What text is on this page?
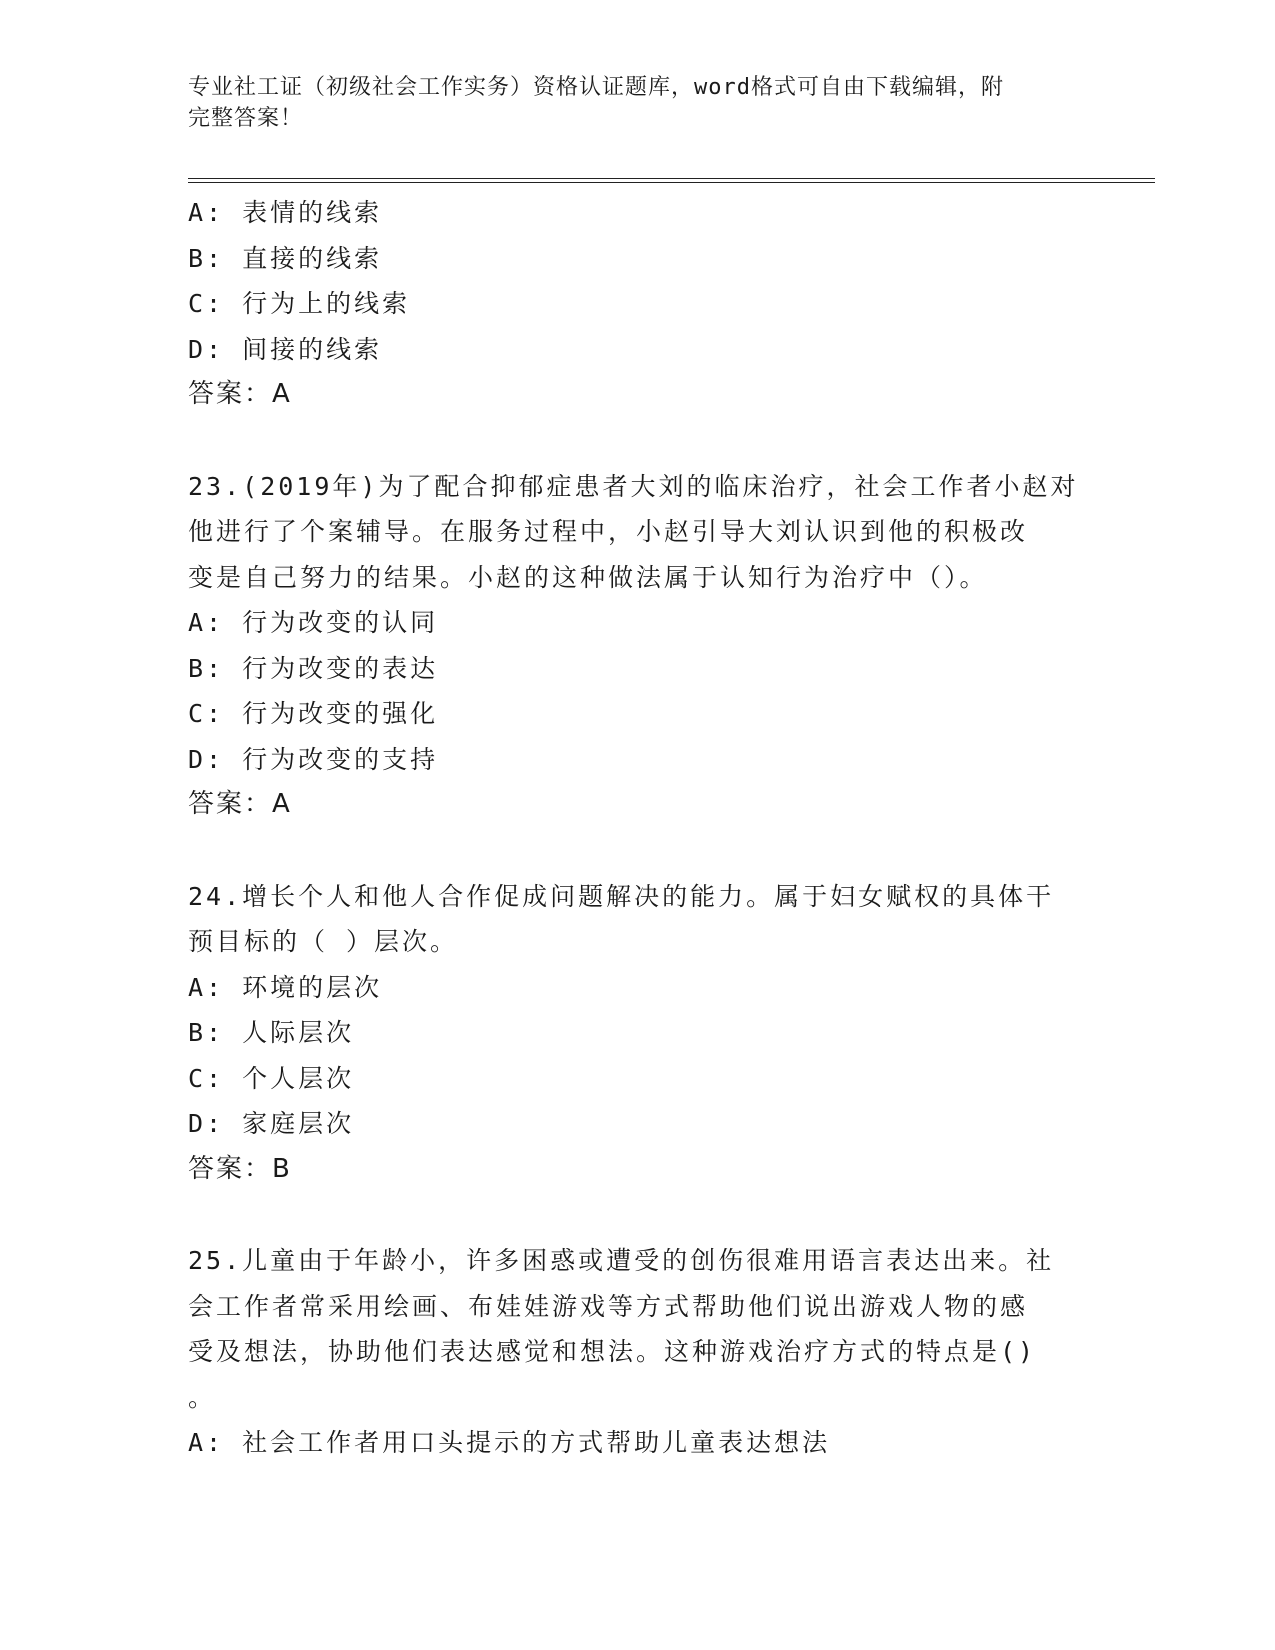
专业社工证（初级社会工作实务）资格认证题库，word格式可自由下载编辑，附
完整答案！
A: 表情的线索
B: 直接的线索
C: 行为上的线索
D: 间接的线索
答案：A
23.(2019年)为了配合抑郁症患者大刘的临床治疗，社会工作者小赵对
他进行了个案辅导。在服务过程中，小赵引导大刘认识到他的积极改
变是自己努力的结果。小赵的这种做法属于认知行为治疗中（）。
A: 行为改变的认同
B: 行为改变的表达
C: 行为改变的强化
D: 行为改变的支持
答案：A
24.增长个人和他人合作促成问题解决的能力。属于妇女赋权的具体干
预目标的（ ）层次。
A: 环境的层次
B: 人际层次
C: 个人层次
D: 家庭层次
答案：B
25.儿童由于年龄小，许多困惑或遭受的创伤很难用语言表达出来。社
会工作者常采用绘画、布娃娃游戏等方式帮助他们说出游戏人物的感
受及想法，协助他们表达感觉和想法。这种游戏治疗方式的特点是()
。
A: 社会工作者用口头提示的方式帮助儿童表达想法
